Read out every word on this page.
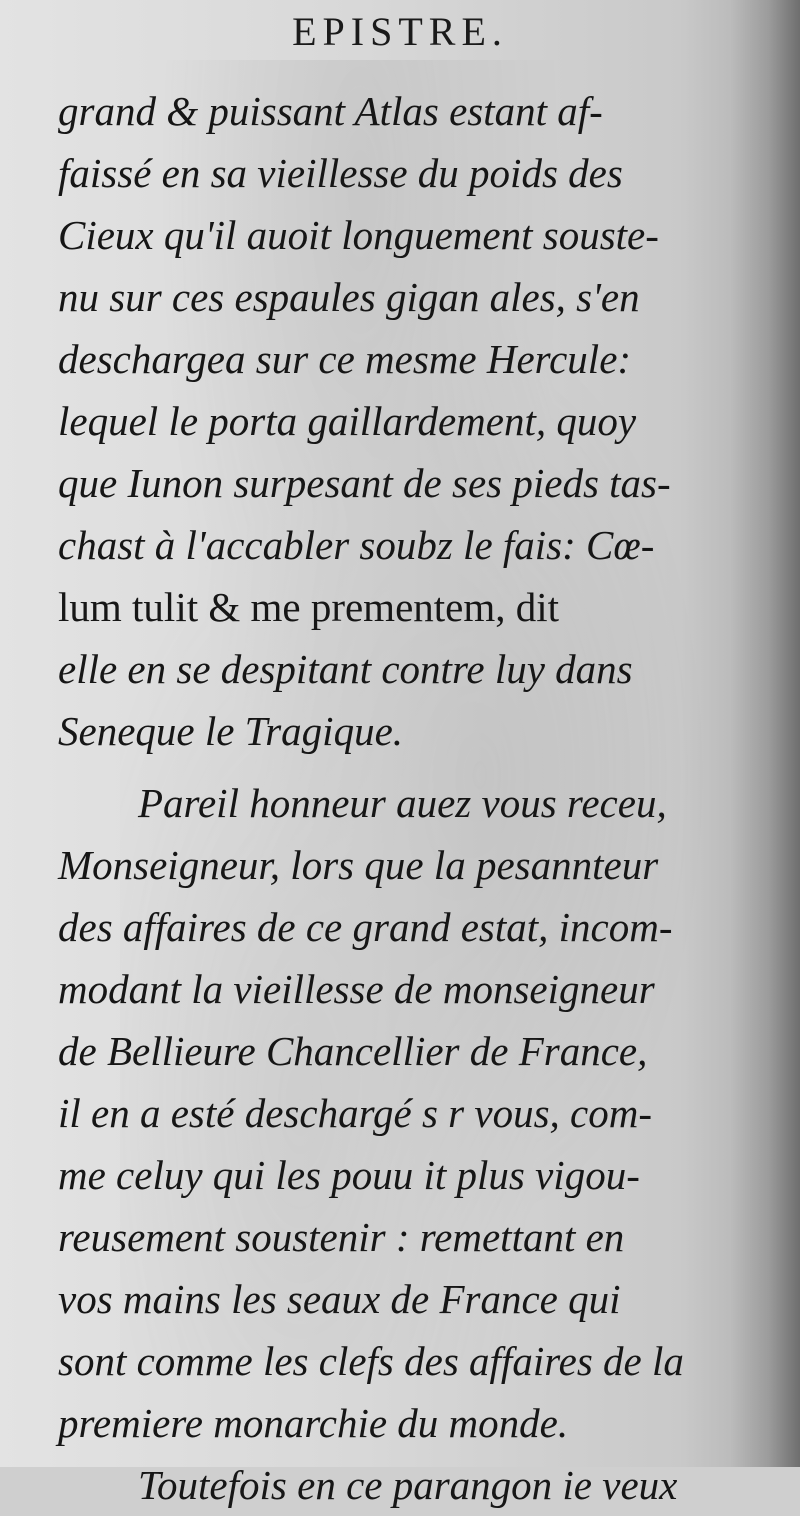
EPISTRE.
grand & puissant Atlas estant af-
faissé en sa vieillesse du poids des
Cieux qu'il auoit longuement souste-
nu sur ces espaules gigan ales, s'en
deschargea sur ce mesme Hercule:
lequel le porta gaillardement, quoy
que Iunon surpesant de ses pieds tas-
chast à l'accabler soubz le fais: Cœ-
lum tulit & me prementem, dit
elle en se despitant contre luy dans
Seneque le Tragique.
Pareil honneur auez vous receu,
Monseigneur, lors que la pesannteur
des affaires de ce grand estat, incom-
modant la vieillesse de monseigneur
de Bellieure Chancellier de France,
il en a esté deschargé s r vous, com-
me celuy qui les pouu it plus vigou-
reusement soustenir : remettant en
vos mains les seaux de France qui
sont comme les clefs des affaires de la
premiere monarchie du monde.
Toutefois en ce parangon ie veux
